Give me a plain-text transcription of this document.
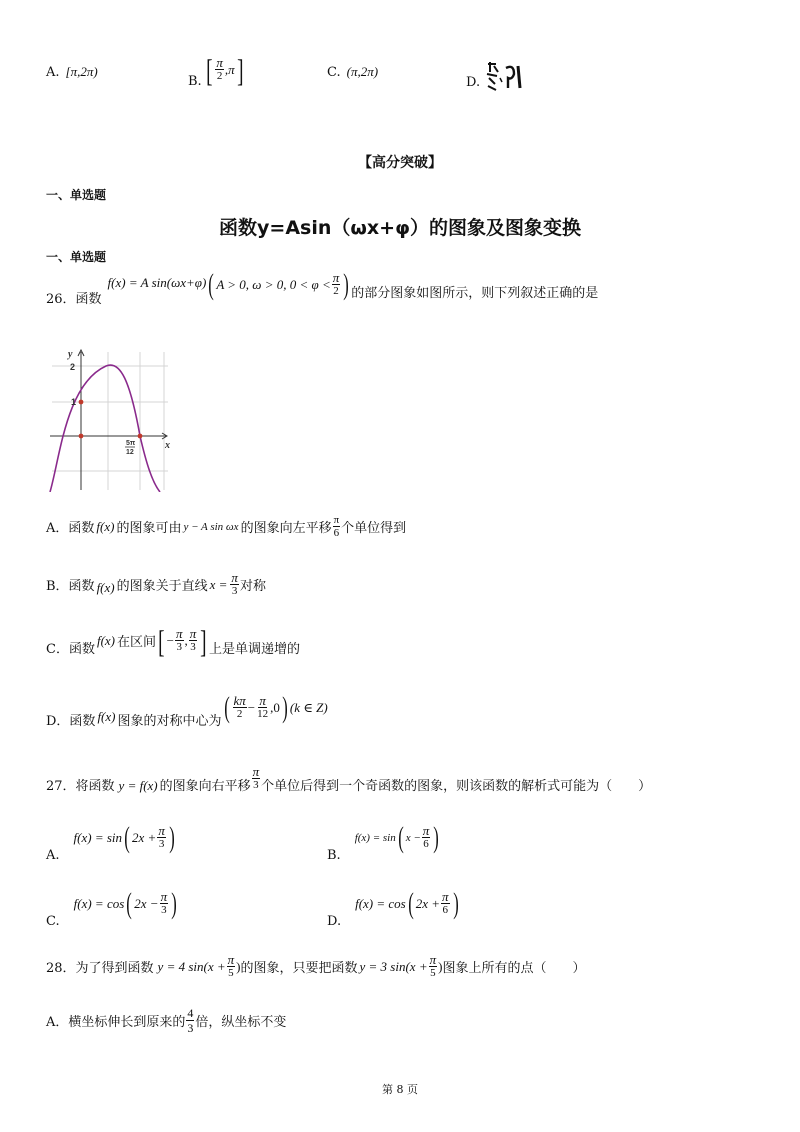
A. [π,2π)
B. [ $\frac{\pi}{2} ,\pi$ ]	C. (π,2π)
D.
【高分突破】
一、单选题
函数y=Asin（ωx+φ）的图象及图象变换
一、单选题
26．函数
f(x) = A sin(ωx+φ) ( A > 0, ω > 0, $0 < \varphi < \frac{\pi}{2}$ ) 的部分图象如图所示，则下列叙述正确的是
y
x
2
1
5π
12
A．函数 f(x) 的图象可由 y − A sin ωx 的图象向左平移 $\frac{\pi}{6}$ 个单位得到
B．函数 f(x) 的图象关于直线 $x = \frac{\pi}{3}$ 对称
C．函数
f(x) 在区间 [ − $\frac{\pi}{3}$ , $\frac{\pi}{3}$ ] 上是单调递增的
D．函数 f(x) 图象的对称中心为 ( $\frac{k\pi}{2} - \frac{\pi}{12} ,0$ ) (k ∈ Z)
27．将函数 y = f(x) 的图象向右平移 $\frac{\pi}{3}$ 个单位后得到一个奇函数的图象，则该函数的解析式可能为（　　）
A.
f(x) = sin ( $2x + \frac{\pi}{3}$ )
B.
f(x) = sin ( $x - \frac{\pi}{6}$ )
C.
f(x) = cos ( $2x - \frac{\pi}{3}$ )
D.
f(x) = cos ( $2x + \frac{\pi}{6}$ )
28．为了得到函数 y = 4 $\sin(x + \frac{\pi}{5}$ ) 的图象，只要把函数 y = 3 $\sin(x + \frac{\pi}{5}$ ) 图象上所有的点（　　）
A．横坐标伸长到原来的 $\frac{4}{3}$ 倍，纵坐标不变
第 8 页
